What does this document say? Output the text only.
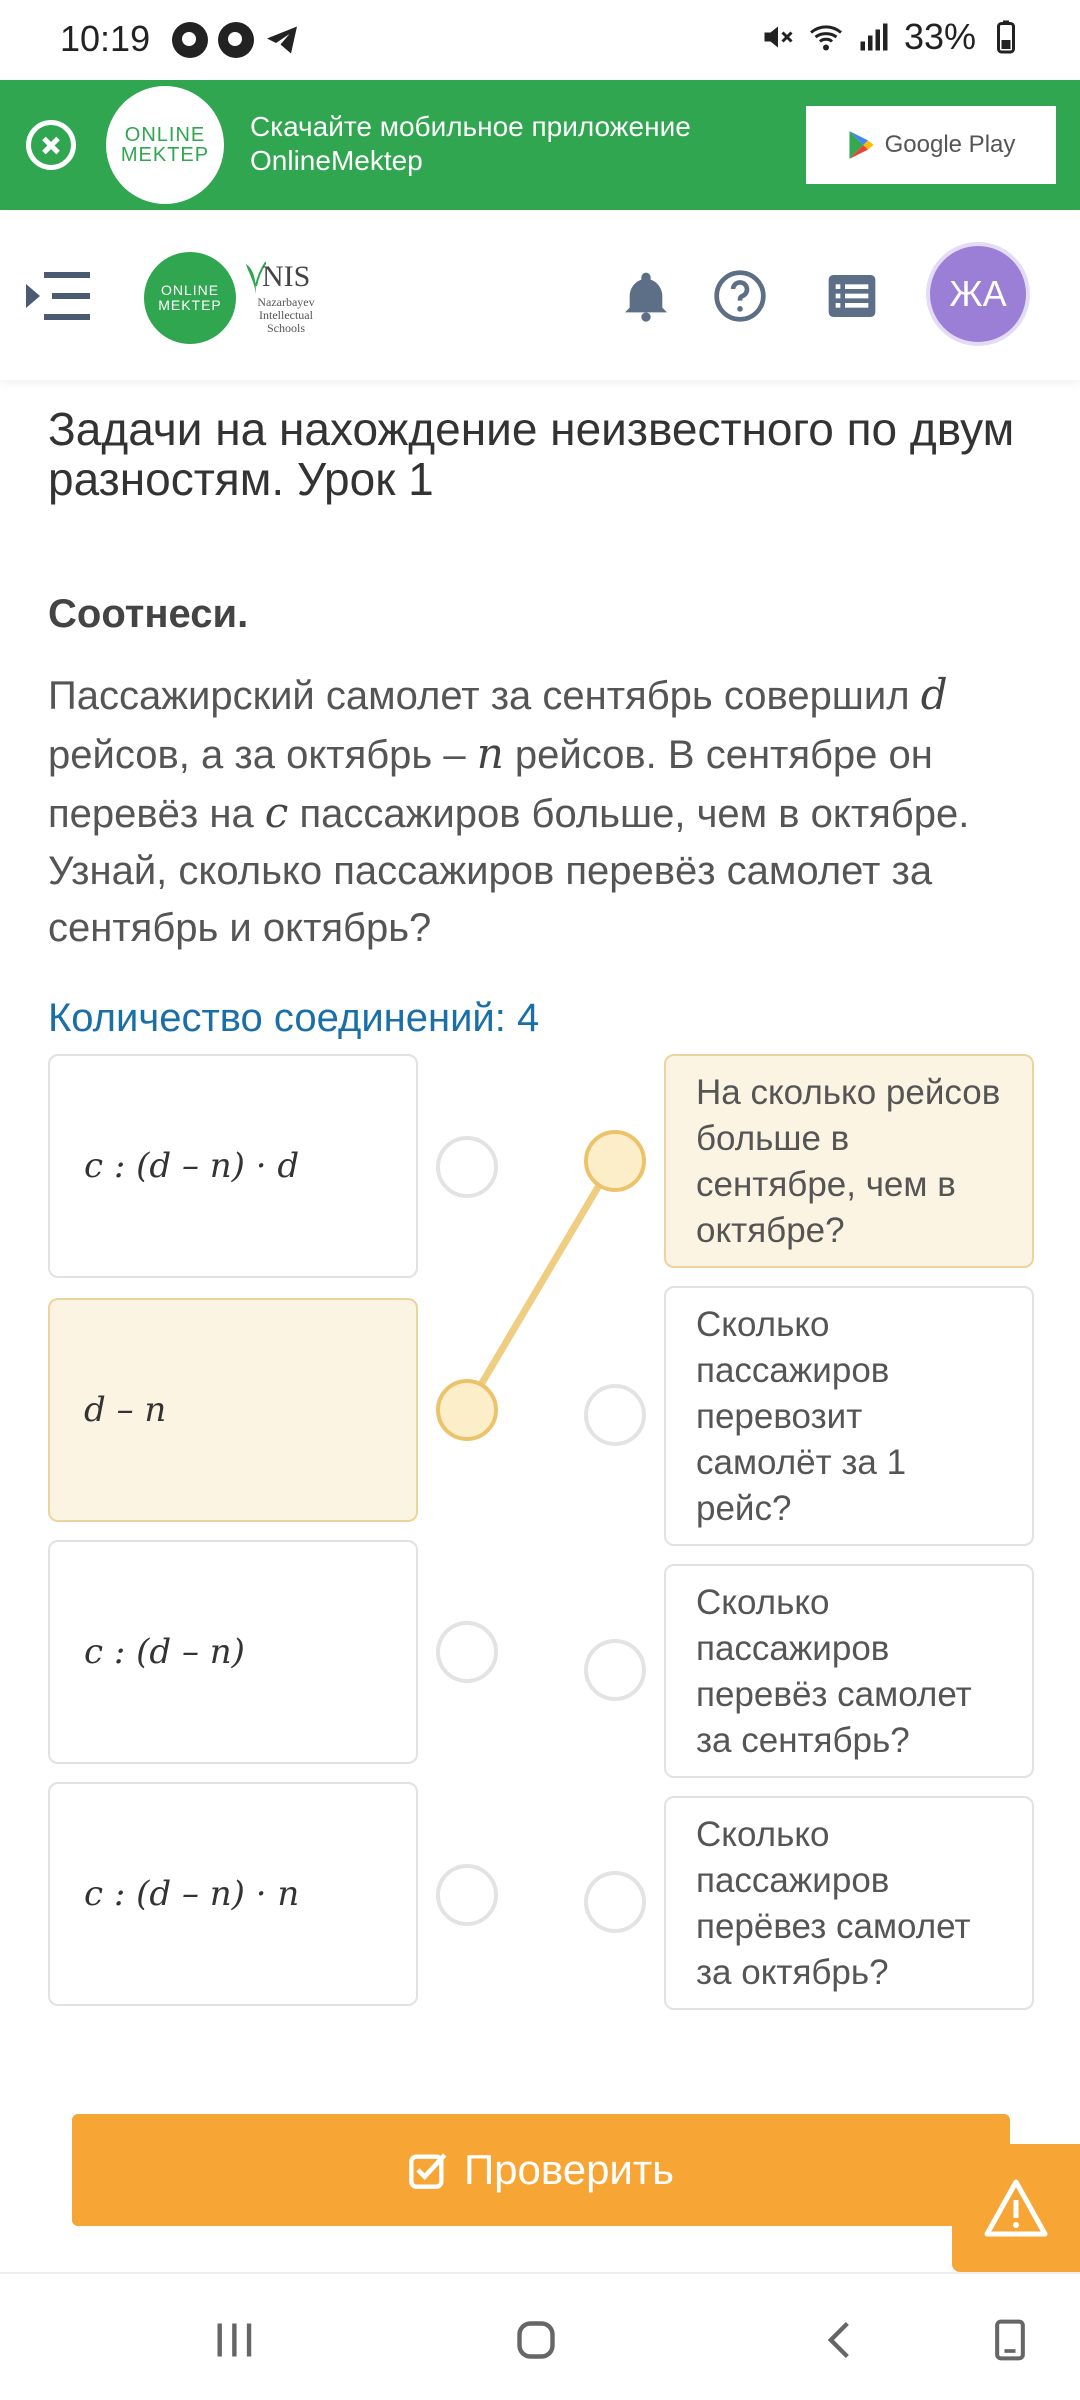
10:19	33%
ONLINE
MEKTEP
Скачайте мобильное приложение
OnlineMektep
Google Play
ONLINE
MEKTEP
NIS
Nazarbayev Intellectual Schools
ЖА
Задачи на нахождение неизвестного по двум разностям. Урок 1
Соотнеси.
Пассажирский самолет за сентябрь совершил d рейсов, а за октябрь – n рейсов. В сентябре он перевёз на c пассажиров больше, чем в октябре. Узнай, сколько пассажиров перевёз самолет за сентябрь и октябрь?
Количество соединений: 4
c : (d – n) · d
d – n
c : (d – n)
c : (d – n) · n
На сколько рейсов больше в сентябре, чем в октябре?
Сколько пассажиров перевозит самолёт за 1 рейс?
Сколько пассажиров перевёз самолет за сентябрь?
Сколько пассажиров перёвез самолет за октябрь?
Проверить
